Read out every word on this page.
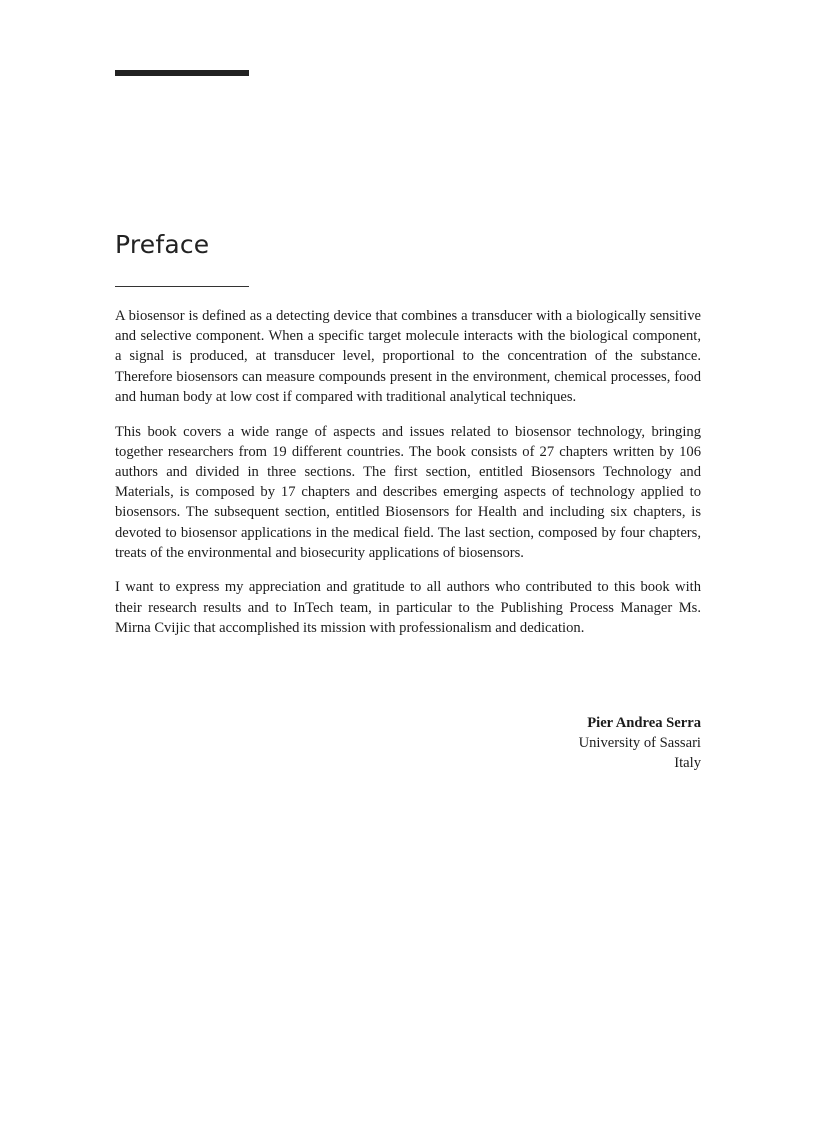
Preface

A biosensor is defined as a detecting device that combines a transducer with a biologically sensitive and selective component. When a specific target molecule interacts with the biological component, a signal is produced, at transducer level, proportional to the concentration of the substance. Therefore biosensors can measure compounds present in the environment, chemical processes, food and human body at low cost if compared with traditional analytical techniques.

This book covers a wide range of aspects and issues related to biosensor technology, bringing together researchers from 19 different countries. The book consists of 27 chapters written by 106 authors and divided in three sections. The first section, entitled Biosensors Technology and Materials, is composed by 17 chapters and describes emerging aspects of technology applied to biosensors. The subsequent section, entitled Biosensors for Health and including six chapters, is devoted to biosensor applications in the medical field. The last section, composed by four chapters, treats of the environmental and biosecurity applications of biosensors.

I want to express my appreciation and gratitude to all authors who contributed to this book with their research results and to InTech team, in particular to the Publishing Process Manager Ms. Mirna Cvijic that accomplished its mission with professionalism and dedication.

Pier Andrea Serra
University of Sassari
Italy
